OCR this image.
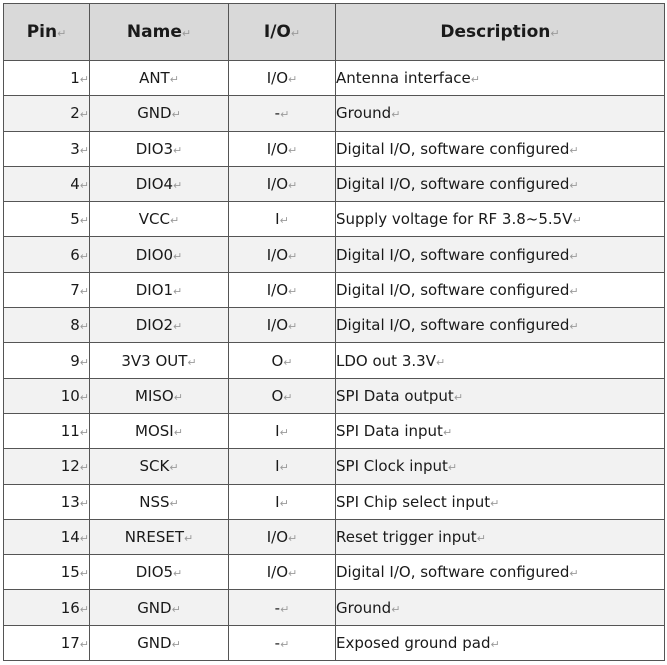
Pin↵	Name↵	I/O↵	Description↵
1↵	ANT↵	I/O↵	Antenna interface↵
2↵	GND↵	-↵	Ground↵
3↵	DIO3↵	I/O↵	Digital I/O, software configured↵
4↵	DIO4↵	I/O↵	Digital I/O, software configured↵
5↵	VCC↵	I↵	Supply voltage for RF 3.8~5.5V↵
6↵	DIO0↵	I/O↵	Digital I/O, software configured↵
7↵	DIO1↵	I/O↵	Digital I/O, software configured↵
8↵	DIO2↵	I/O↵	Digital I/O, software configured↵
9↵	3V3 OUT↵	O↵	LDO out 3.3V↵
10↵	MISO↵	O↵	SPI Data output↵
11↵	MOSI↵	I↵	SPI Data input↵
12↵	SCK↵	I↵	SPI Clock input↵
13↵	NSS↵	I↵	SPI Chip select input↵
14↵	NRESET↵	I/O↵	Reset trigger input↵
15↵	DIO5↵	I/O↵	Digital I/O, software configured↵
16↵	GND↵	-↵	Ground↵
17↵	GND↵	-↵	Exposed ground pad↵
